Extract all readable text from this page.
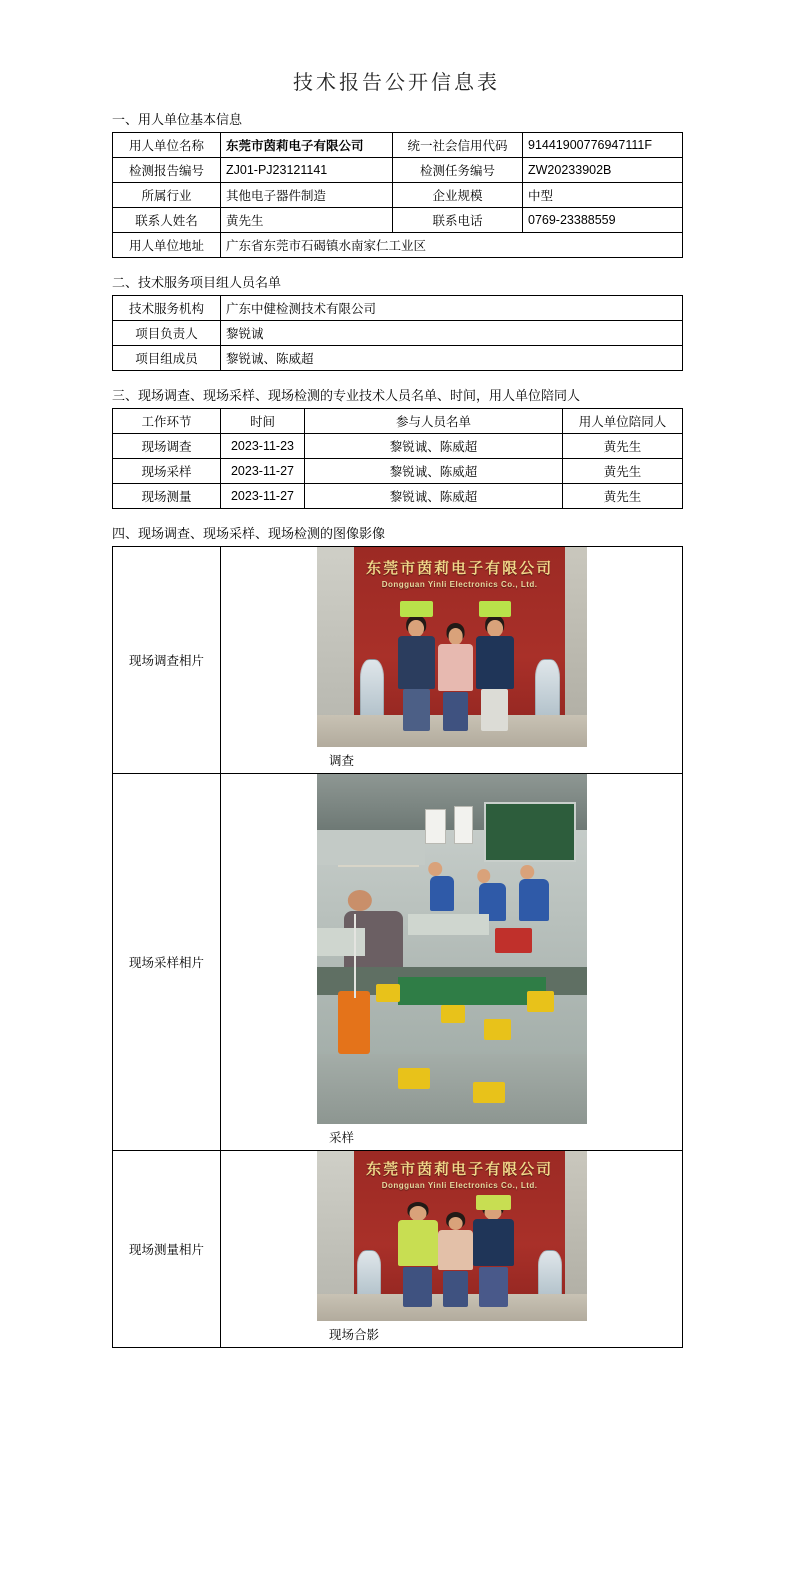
技术报告公开信息表
一、用人单位基本信息
用人单位名称	东莞市茵莉电子有限公司	统一社会信用代码	91441900776947111F
检测报告编号	ZJ01-PJ23121141	检测任务编号	ZW20233902B
所属行业	其他电子器件制造	企业规模	中型
联系人姓名	黄先生	联系电话	0769-23388559
用人单位地址	广东省东莞市石碣镇水南家仁工业区		
二、技术服务项目组人员名单
技术服务机构	广东中健检测技术有限公司
项目负责人	黎锐诚
项目组成员	黎锐诚、陈威超
三、现场调查、现场采样、现场检测的专业技术人员名单、时间，用人单位陪同人
工作环节	时间	参与人员名单	用人单位陪同人
现场调查	2023-11-23	黎锐诚、陈威超	黄先生
现场采样	2023-11-27	黎锐诚、陈威超	黄先生
现场测量	2023-11-27	黎锐诚、陈威超	黄先生
四、现场调查、现场采样、现场检测的图像影像
现场调查相片	东莞市茵莉电子有限公司
Dongguan Yinli Electronics Co., Ltd.
调查

现场采样相片	采样

现场测量相片	东莞市茵莉电子有限公司
Dongguan Yinli Electronics Co., Ltd.
现场合影
